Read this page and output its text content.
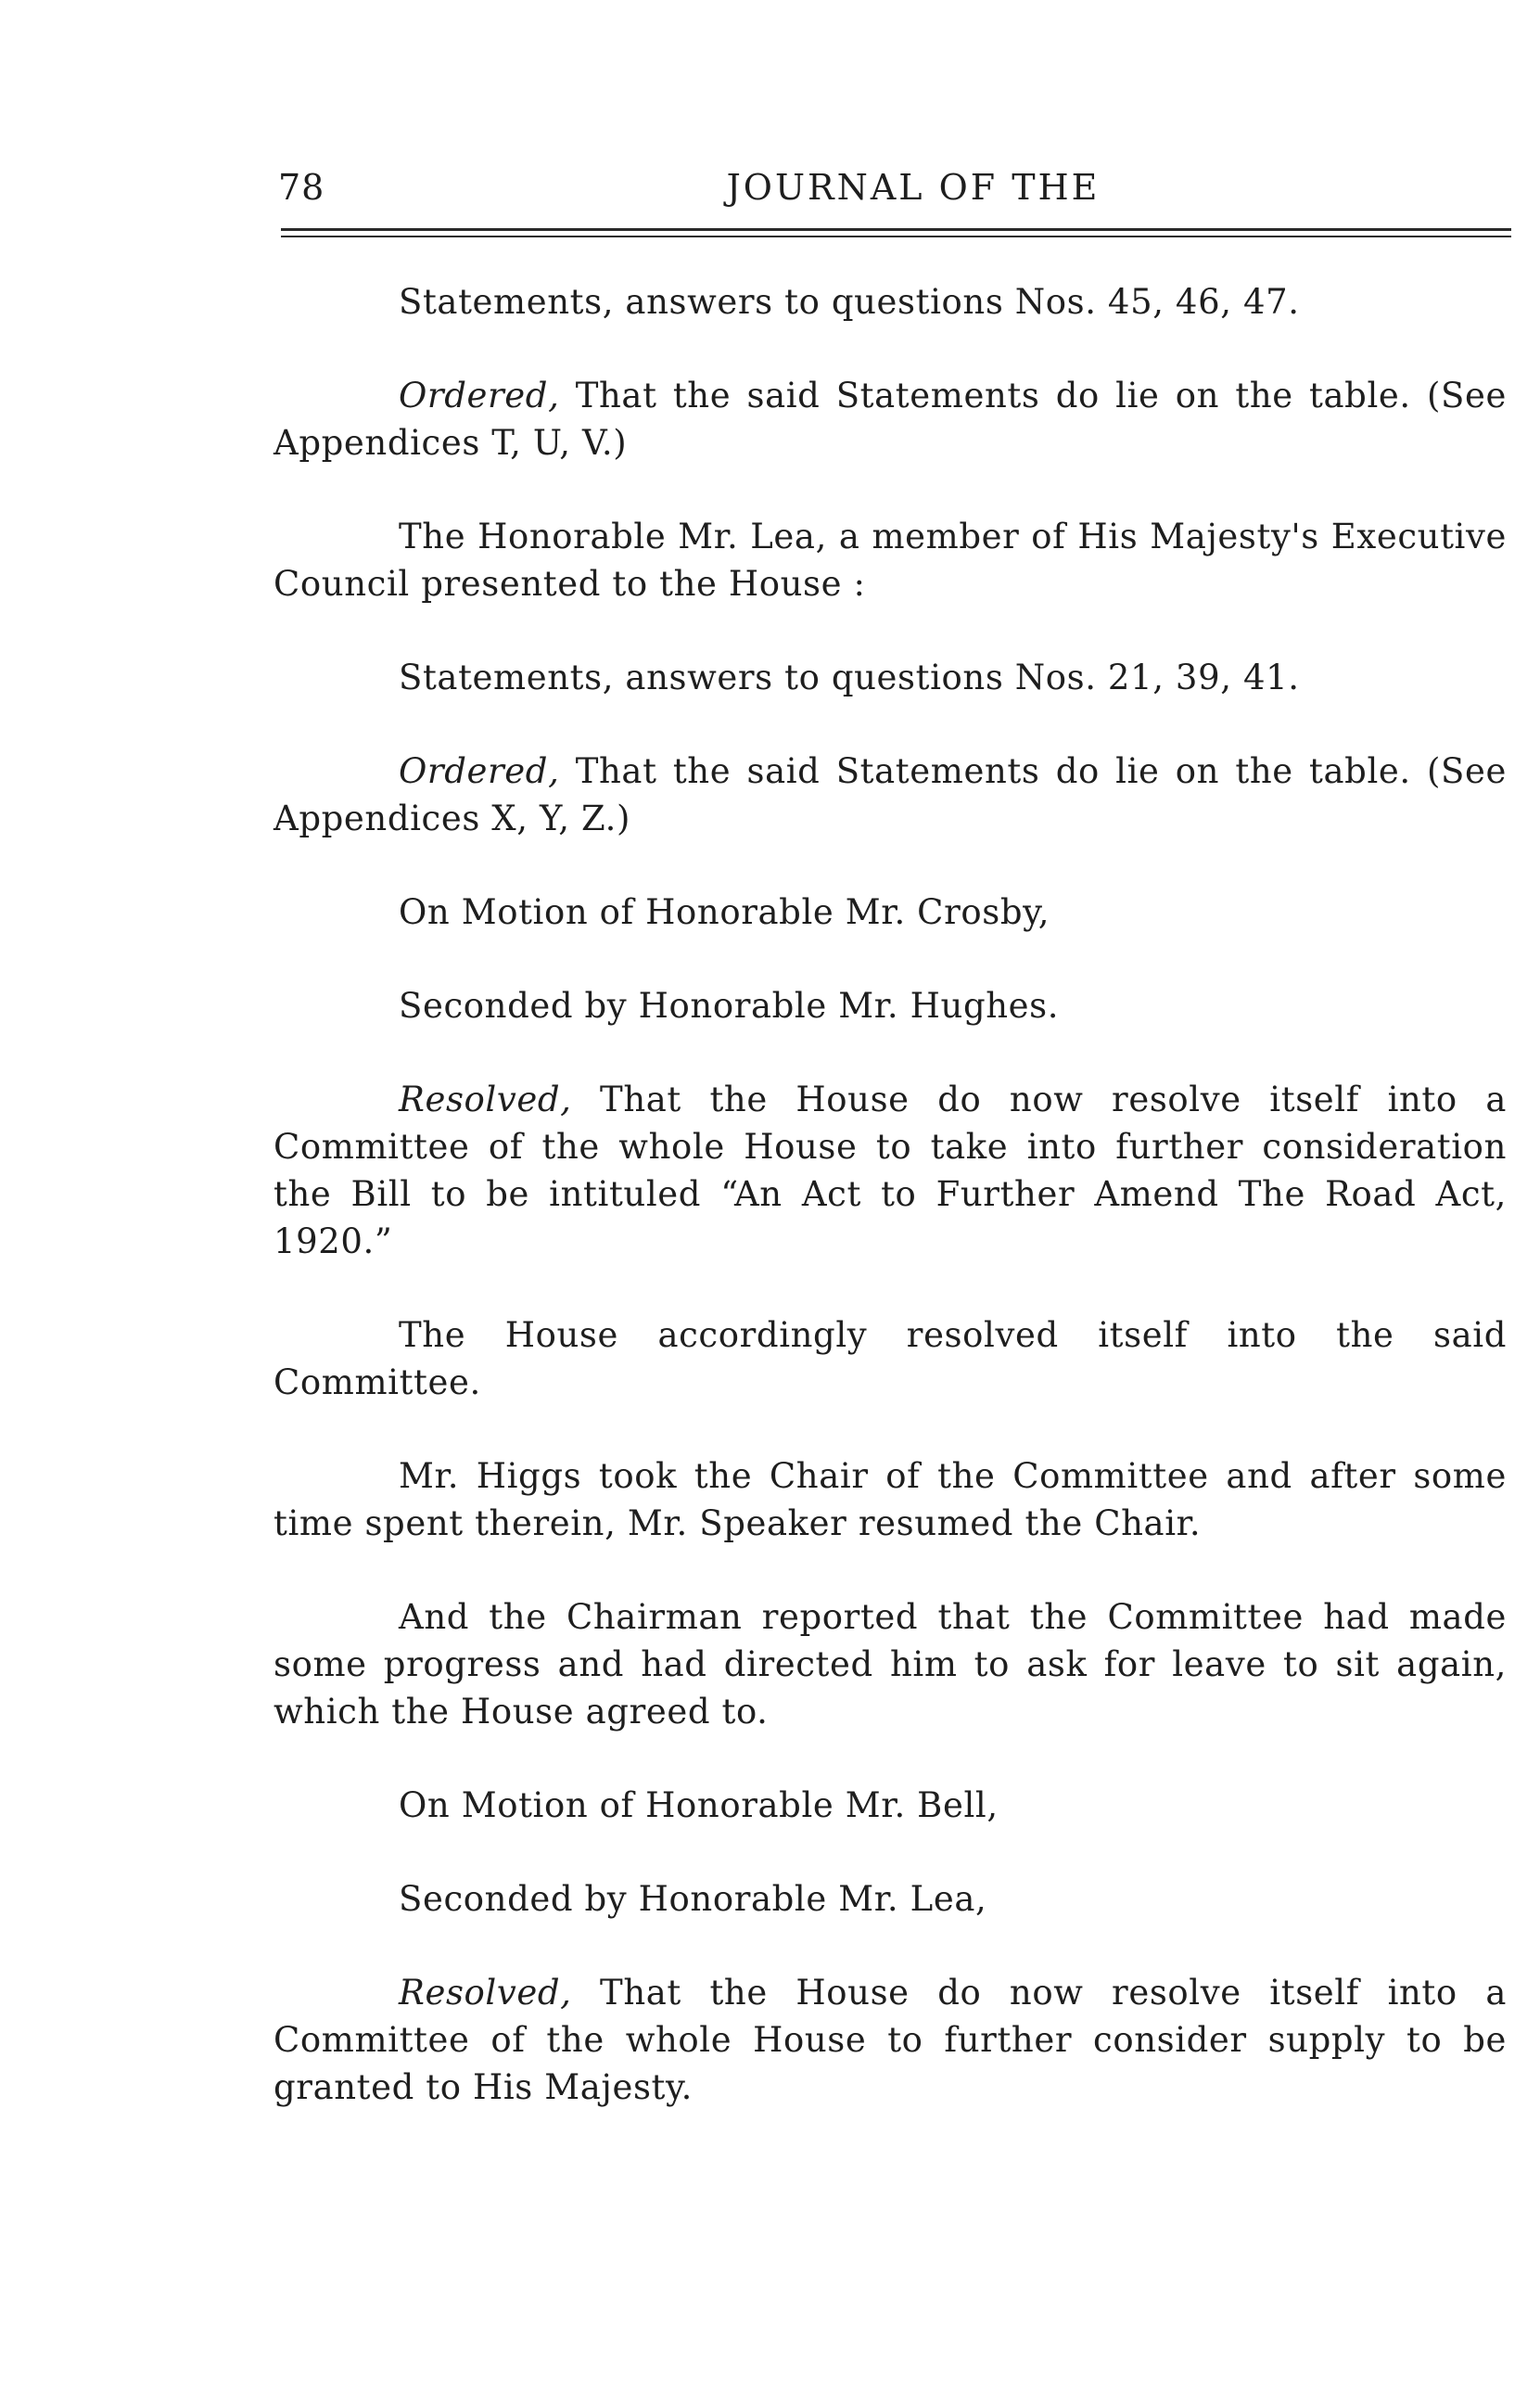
78	JOURNAL OF THE

Statements, answers to questions Nos. 45, 46, 47.

Ordered, That the said Statements do lie on the table. (See Appendices T, U, V.)

The Honorable Mr. Lea, a member of His Majesty's Executive Council presented to the House :

Statements, answers to questions Nos. 21, 39, 41.

Ordered, That the said Statements do lie on the table. (See Appendices X, Y, Z.)

On Motion of Honorable Mr. Crosby,

Seconded by Honorable Mr. Hughes.

Resolved, That the House do now resolve itself into a Committee of the whole House to take into further consideration the Bill to be intituled “An Act to Further Amend The Road Act, 1920.”

The House accordingly resolved itself into the said Committee.

Mr. Higgs took the Chair of the Committee and after some time spent therein, Mr. Speaker resumed the Chair.

And the Chairman reported that the Committee had made some progress and had directed him to ask for leave to sit again, which the House agreed to.

On Motion of Honorable Mr. Bell,

Seconded by Honorable Mr. Lea,

Resolved, That the House do now resolve itself into a Committee of the whole House to further consider supply to be granted to His Majesty.
